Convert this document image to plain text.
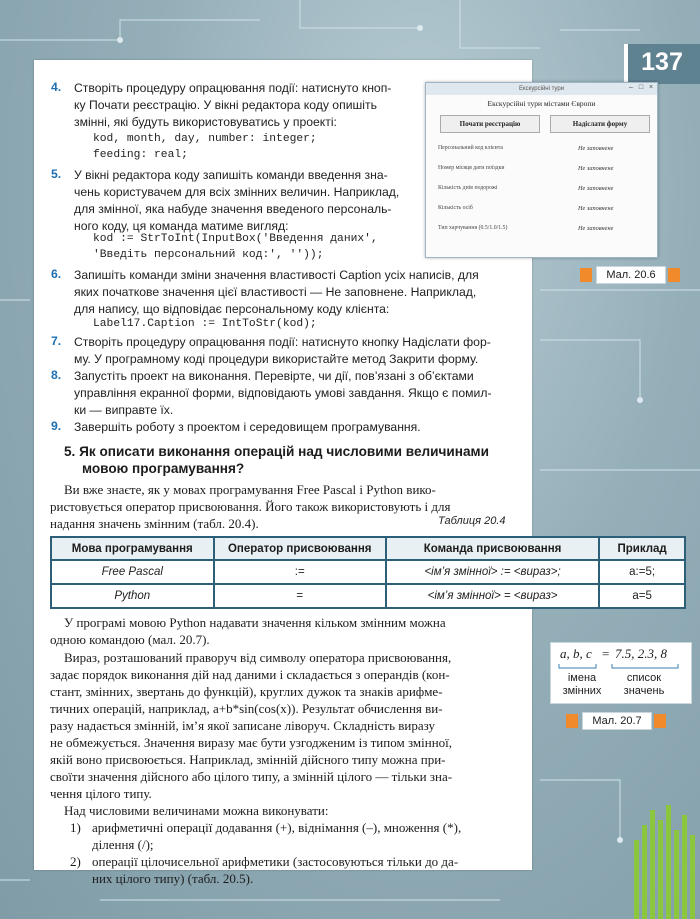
137
4. Створіть процедуру опрацювання події: натиснуто кноп-
ку Почати реєстрацію. У вікні редактора коду опишіть
змінні, які будуть використовуватись у проекті:
kod, month, day, number: integer;
feeding: real;
5. У вікні редактора коду запишіть команди введення зна-
чень користувачем для всіх змінних величин. Наприклад,
для змінної, яка набуде значення введеного персональ-
ного коду, ця команда матиме вигляд:
kod := StrToInt(InputBox('Введення даних',
'Введіть персональний код:', ''));
6. Запишіть команди зміни значення властивості Caption усіх написів, для
яких початкове значення цієї властивості — Не заповнене. Наприклад,
для напису, що відповідає персональному коду клієнта:
Label17.Caption := IntToStr(kod);
7. Створіть процедуру опрацювання події: натиснуто кнопку Надіслати фор-
му. У програмному коді процедури використайте метод Закрити форму.
8. Запустіть проект на виконання. Перевірте, чи дії, пов’язані з об’єктами
управління екранної форми, відповідають умові завдання. Якщо є помил-
ки — виправте їх.
9. Завершіть роботу з проектом і середовищем програмування.
5. Як описати виконання операцій над числовими величинами
мовою програмування?
Ви вже знаєте, як у мовах програмування Free Pascal і Python вико-
ристовується оператор присвоювання. Його також використовують і для
надання значень змінним (табл. 20.4).	Таблиця 20.4
Мова програмування	Оператор присвоювання	Команда присвоювання	Приклад
Free Pascal	:=	<ім’я змінної> := <вираз>;	a:=5;
Python	=	<ім’я змінної> = <вираз>	a=5
У програмі мовою Python надавати значення кільком змінним можна
одною командою (мал. 20.7).
Вираз, розташований праворуч від символу оператора присвоювання,
задає порядок виконання дій над даними і складається з операндів (кон-
стант, змінних, звертань до функцій), круглих дужок та знаків арифме-
тичних операцій, наприклад, a+b*sin(cos(x)). Результат обчислення ви-
разу надається змінній, ім’я якої записане ліворуч. Складність виразу
не обмежується. Значення виразу має бути узгодженим із типом змінної,
якій воно присвоюється. Наприклад, змінній дійсного типу можна при-
своїти значення дійсного або цілого типу, а змінній цілого — тільки зна-
чення цілого типу.
Над числовими величинами можна виконувати:
1) арифметичні операції додавання (+), віднімання (–), множення (*),
ділення (/);
2) операції цілочисельної арифметики (застосовуються тільки до да-
них цілого типу) (табл. 20.5).
Екскурсійні тури	– □ ×
Екскурсійні тури містами Європи
Почати реєстрацію	Надіслати форму
Персональний код клієнта	Не заповнене
Номер місяця дати поїздки	Не заповнене
Кількість днів подорожі	Не заповнене
Кількість осіб	Не заповнене
Тип харчування (0.5/1.0/1.5)	Не заповнене
Мал. 20.6
a, b, c = 7.5, 2.3, 8
імена
змінних
список
значень
Мал. 20.7
